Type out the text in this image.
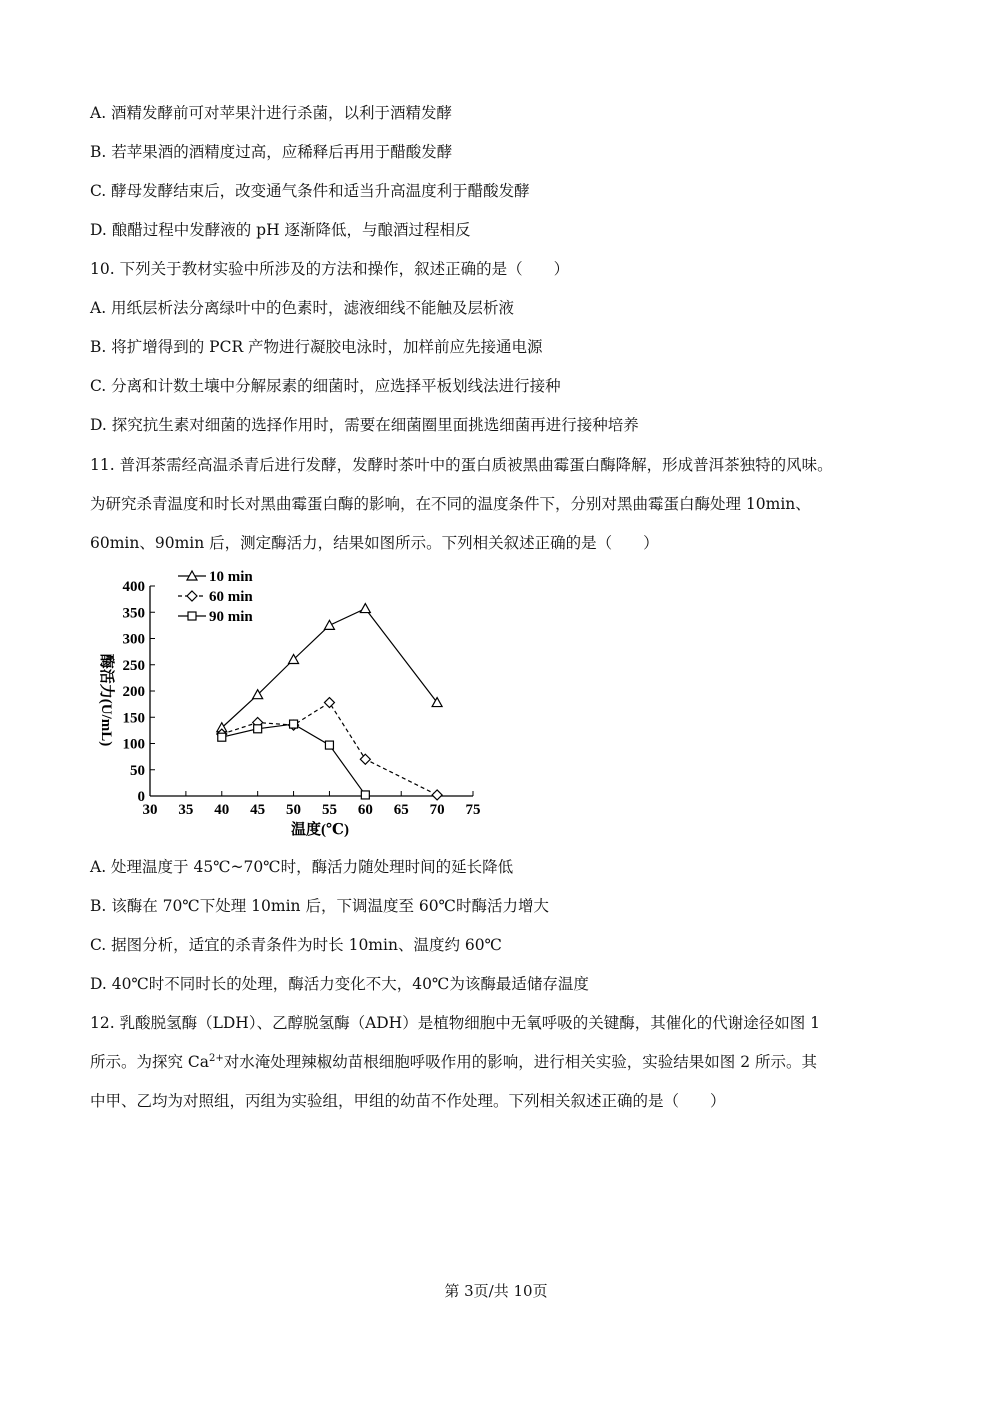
A. 酒精发酵前可对苹果汁进行杀菌，以利于酒精发酵
B. 若苹果酒的酒精度过高，应稀释后再用于醋酸发酵
C. 酵母发酵结束后，改变通气条件和适当升高温度利于醋酸发酵
D. 酿醋过程中发酵液的 pH 逐渐降低，与酿酒过程相反
10. 下列关于教材实验中所涉及的方法和操作，叙述正确的是（　　）
A. 用纸层析法分离绿叶中的色素时，滤液细线不能触及层析液
B. 将扩增得到的 PCR 产物进行凝胶电泳时，加样前应先接通电源
C. 分离和计数土壤中分解尿素的细菌时，应选择平板划线法进行接种
D. 探究抗生素对细菌的选择作用时，需要在细菌圈里面挑选细菌再进行接种培养
11. 普洱茶需经高温杀青后进行发酵，发酵时茶叶中的蛋白质被黑曲霉蛋白酶降解，形成普洱茶独特的风味。
为研究杀青温度和时长对黑曲霉蛋白酶的影响，在不同的温度条件下，分别对黑曲霉蛋白酶处理 10min、
60min、90min 后，测定酶活力，结果如图所示。下列相关叙述正确的是（　　）
A. 处理温度于 45℃~70℃时，酶活力随处理时间的延长降低
B. 该酶在 70℃下处理 10min 后，下调温度至 60℃时酶活力增大
C. 据图分析，适宜的杀青条件为时长 10min、温度约 60℃
D. 40℃时不同时长的处理，酶活力变化不大，40℃为该酶最适储存温度
12. 乳酸脱氢酶（LDH）、乙醇脱氢酶（ADH）是植物细胞中无氧呼吸的关键酶，其催化的代谢途径如图 1
所示。为探究 $Ca^{2+}$对水淹处理辣椒幼苗根细胞呼吸作用的影响，进行相关实验，实验结果如图 2 所示。其
中甲、乙均为对照组，丙组为实验组，甲组的幼苗不作处理。下列相关叙述正确的是（　　）
0
50
100
150
200
250
300
350
400
30 35 40 45 50 55 60 65 70 75
10 min
60 min
90 min
温度(℃)
酶活力(U/mL)
第 3页/共 10页
